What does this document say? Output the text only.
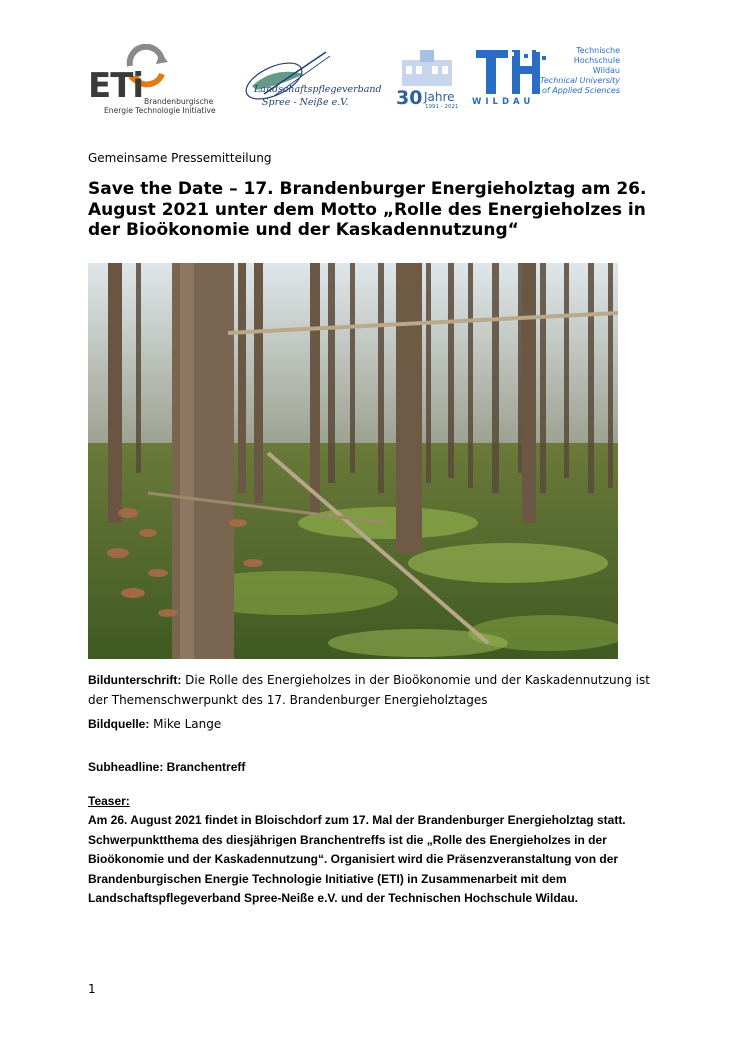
ETi Brandenburgische
Energie Technologie Initiative
Landschaftspflegeverband
Spree - Neiße e.V.	30 Jahre
1991 - 2021 WILDAU
Technische
Hochschule
Wildau
Technical University
of Applied Sciences
Gemeinsame Pressemitteilung
Save the Date – 17. Brandenburger Energieholztag am 26. August 2021 unter dem Motto „Rolle des Energieholzes in der Bioökonomie und der Kaskadennutzung“
Bildunterschrift: Die Rolle des Energieholzes in der Bioökonomie und der Kaskadennutzung ist der Themenschwerpunkt des 17. Brandenburger Energieholztages
Bildquelle: Mike Lange
Subheadline: Branchentreff
Teaser:
Am 26. August 2021 findet in Bloischdorf zum 17. Mal der Brandenburger Energieholztag statt. Schwerpunktthema des diesjährigen Branchentreffs ist die „Rolle des Energieholzes in der Bioökonomie und der Kaskadennutzung“. Organisiert wird die Präsenzveranstaltung von der Brandenburgischen Energie Technologie Initiative (ETI) in Zusammenarbeit mit dem Landschaftspflegeverband Spree-Neiße e.V. und der Technischen Hochschule Wildau.
1
